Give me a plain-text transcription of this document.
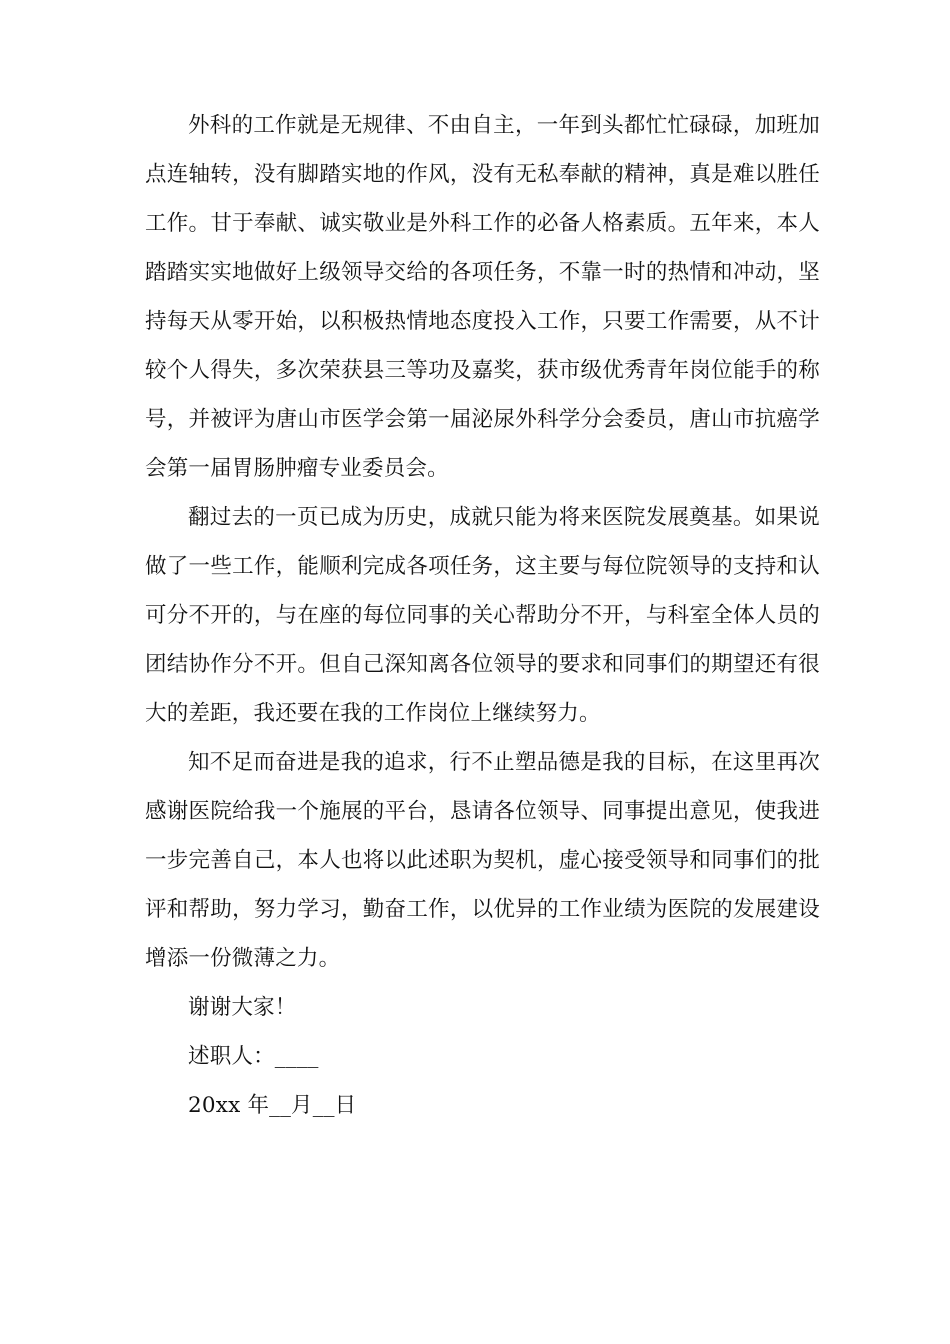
外科的工作就是无规律、不由自主，一年到头都忙忙碌碌，加班加点连轴转，没有脚踏实地的作风，没有无私奉献的精神，真是难以胜任工作。甘于奉献、诚实敬业是外科工作的必备人格素质。五年来，本人踏踏实实地做好上级领导交给的各项任务，不靠一时的热情和冲动，坚持每天从零开始，以积极热情地态度投入工作，只要工作需要，从不计较个人得失，多次荣获县三等功及嘉奖，获市级优秀青年岗位能手的称号，并被评为唐山市医学会第一届泌尿外科学分会委员，唐山市抗癌学会第一届胃肠肿瘤专业委员会。

翻过去的一页已成为历史，成就只能为将来医院发展奠基。如果说做了一些工作，能顺利完成各项任务，这主要与每位院领导的支持和认可分不开的，与在座的每位同事的关心帮助分不开，与科室全体人员的团结协作分不开。但自己深知离各位领导的要求和同事们的期望还有很大的差距，我还要在我的工作岗位上继续努力。

知不足而奋进是我的追求，行不止塑品德是我的目标，在这里再次感谢医院给我一个施展的平台，恳请各位领导、同事提出意见，使我进一步完善自己，本人也将以此述职为契机，虚心接受领导和同事们的批评和帮助，努力学习，勤奋工作，以优异的工作业绩为医院的发展建设增添一份微薄之力。

谢谢大家！

述职人：____

20xx 年__月__日
